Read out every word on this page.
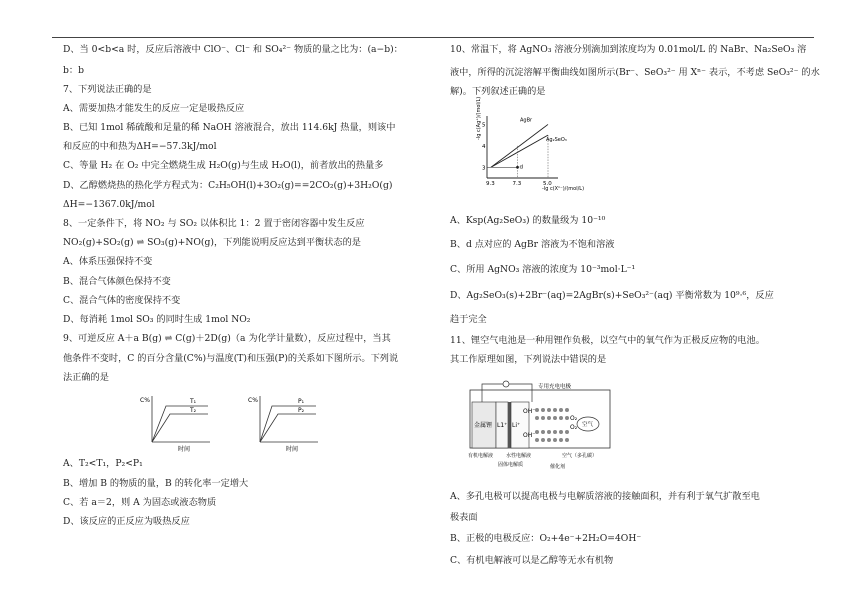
D、当 0<b<a 时，反应后溶液中 ClO⁻、Cl⁻ 和 SO₄²⁻ 物质的量之比为：(a−b)：
b：b
7、下列说法正确的是
A、需要加热才能发生的反应一定是吸热反应
B、已知 1mol 稀硫酸和足量的稀 NaOH 溶液混合，放出 114.6kJ 热量，则该中
和反应的中和热为ΔH=−57.3kJ/mol
C、等量 H₂ 在 O₂ 中完全燃烧生成 H₂O(g)与生成 H₂O(l)，前者放出的热量多
D、乙醇燃烧热的热化学方程式为：C₂H₅OH(l)+3O₂(g)==2CO₂(g)+3H₂O(g)
ΔH=−1367.0kJ/mol
8、一定条件下，将 NO₂ 与 SO₂ 以体积比 1：2 置于密闭容器中发生反应
NO₂(g)+SO₂(g) ⇌ SO₃(g)+NO(g)，下列能说明反应达到平衡状态的是
A、体系压强保持不变
B、混合气体颜色保持不变
C、混合气体的密度保持不变
D、每消耗 1mol SO₃ 的同时生成 1mol NO₂
9、可逆反应 A＋a B(g) ⇌ C(g)＋2D(g)（a 为化学计量数），反应过程中，当其
他条件不变时，C 的百分含量(C%)与温度(T)和压强(P)的关系如下图所示。下列说
法正确的是
A、T₂<T₁，P₂<P₁
B、增加 B 的物质的量，B 的转化率一定增大
C、若 a＝2，则 A 为固态或液态物质
D、该反应的正反应为吸热反应
10、常温下，将 AgNO₃ 溶液分别滴加到浓度均为 0.01mol/L 的 NaBr、Na₂SeO₃ 溶
液中，所得的沉淀溶解平衡曲线如图所示(Br⁻、SeO₃²⁻ 用 Xⁿ⁻ 表示，不考虑 SeO₃²⁻ 的水
解)。下列叙述正确的是
A、Ksp(Ag₂SeO₃) 的数量级为 10⁻¹⁰
B、d 点对应的 AgBr 溶液为不饱和溶液
C、所用 AgNO₃ 溶液的浓度为 10⁻³mol·L⁻¹
D、Ag₂SeO₃(s)+2Br⁻(aq)=2AgBr(s)+SeO₃²⁻(aq) 平衡常数为 10⁹·⁶，反应
趋于完全
11、锂空气电池是一种用锂作负极，以空气中的氧气作为正极反应物的电池。
其工作原理如图，下列说法中错误的是
A、多孔电极可以提高电极与电解质溶液的接触面积，并有利于氧气扩散至电
极表面
B、正极的电极反应：O₂+4e⁻+2H₂O=4OH⁻
C、有机电解液可以是乙醇等无水有机物
C%	T₁
T₂
时间
C%	P₁
P₂
时间
AgBr
Ag₂SeO₃
d
5
4
3
9.3	7.3	5.0
-lg c(Ag⁺)/(mol/L)
-lg c(Xⁿ⁻)/(mol/L)
专用充电电极
金属锂 L1⁺ Li⁺
OH⁻
OH⁻
O₂
O₂ 空气
有机电解液	水性电解液	空气（多孔碳）
固体电解质	催化剂
